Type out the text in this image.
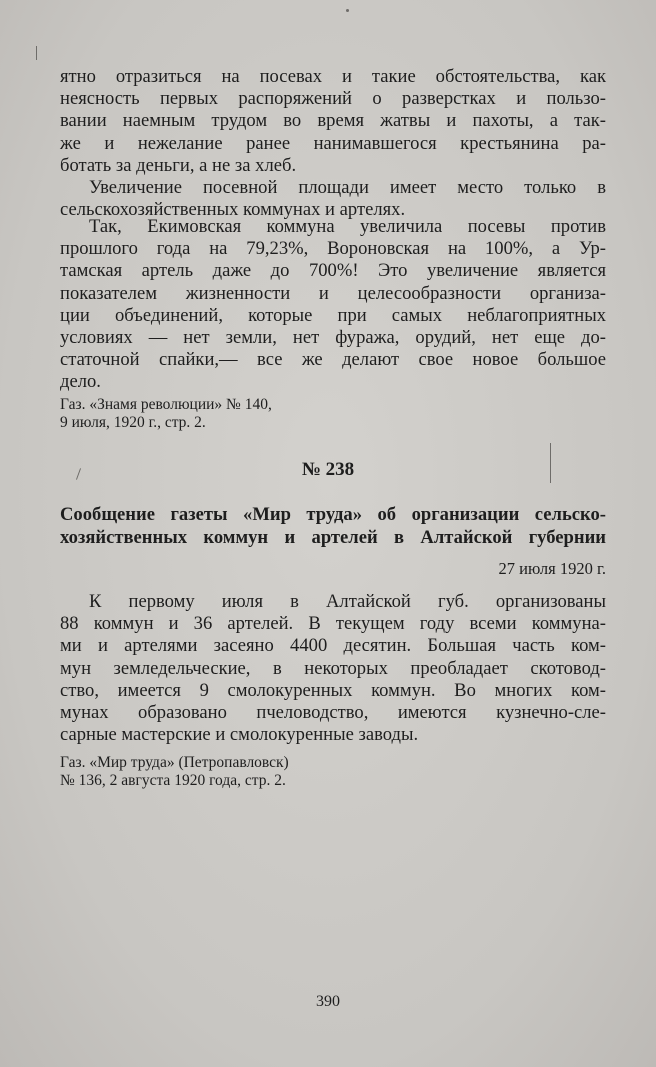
ятно отразиться на посевах и такие обстоятельства, как
неясность первых распоряжений о разверстках и пользо-
вании наемным трудом во время жатвы и пахоты, а так-
же и нежелание ранее нанимавшегося крестьянина ра-
ботать за деньги, а не за хлеб.

Увеличение посевной площади имеет место только в
сельскохозяйственных коммунах и артелях.

Так, Екимовская коммуна увеличила посевы против
прошлого года на 79,23%, Вороновская на 100%, а Ур-
тамская артель даже до 700%! Это увеличение является
показателем жизненности и целесообразности организа-
ции объединений, которые при самых неблагоприятных
условиях — нет земли, нет фуража, орудий, нет еще до-
статочной спайки,— все же делают свое новое большое
дело.

Газ. «Знамя революции» № 140,
9 июля, 1920 г., стр. 2.

№ 238
Сообщение газеты «Мир труда» об организации сельско-
хозяйственных коммун и артелей в Алтайской губернии
27 июля 1920 г.

К первому июля в Алтайской губ. организованы
88 коммун и 36 артелей. В текущем году всеми коммуна-
ми и артелями засеяно 4400 десятин. Большая часть ком-
мун земледельческие, в некоторых преобладает скотовод-
ство, имеется 9 смолокуренных коммун. Во многих ком-
мунах образовано пчеловодство, имеются кузнечно-сле-
сарные мастерские и смолокуренные заводы.

Газ. «Мир труда» (Петропавловск)
№ 136, 2 августа 1920 года, стр. 2.

390
